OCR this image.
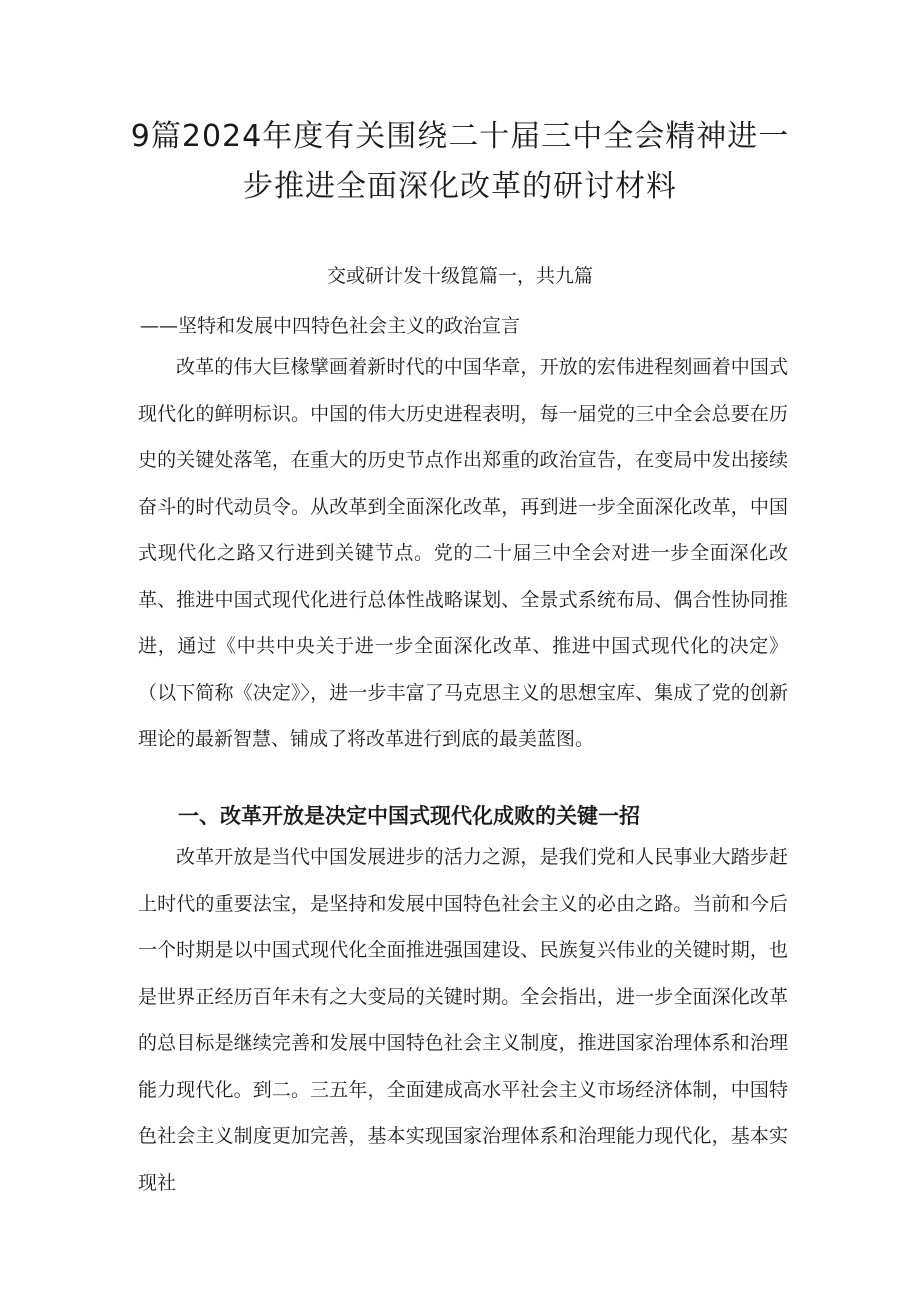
9篇2024年度有关围绕二十届三中全会精神进一步推进全面深化改革的研讨材料

交或研计发十级箟篇一，共九篇

——坚特和发展中四特色社会主义的政治宣言

改革的伟大巨椽擘画着新时代的中国华章，开放的宏伟进程刻画着中国式现代化的鲜明标识。中国的伟大历史进程表明，每一届党的三中全会总要在历史的关键处落笔，在重大的历史节点作出郑重的政治宣告，在变局中发出接续奋斗的时代动员令。从改革到全面深化改革，再到进一步全面深化改革，中国式现代化之路又行进到关键节点。党的二十届三中全会对进一步全面深化改革、推进中国式现代化进行总体性战略谋划、全景式系统布局、偶合性协同推进，通过《中共中央关于进一步全面深化改革、推进中国式现代化的决定》（以下简称《决定》〉，进一步丰富了马克思主义的思想宝库、集成了党的创新理论的最新智慧、铺成了将改革进行到底的最美蓝图。

一、改革开放是决定中国式现代化成败的关键一招

改革开放是当代中国发展进步的活力之源，是我们党和人民事业大踏步赶上时代的重要法宝，是坚持和发展中国特色社会主义的必由之路。当前和今后一个时期是以中国式现代化全面推进强国建设、民族复兴伟业的关键时期，也是世界正经历百年未有之大变局的关键时期。全会指出，进一步全面深化改革的总目标是继续完善和发展中国特色社会主义制度，推进国家治理体系和治理能力现代化。到二。三五年，全面建成高水平社会主义市场经济体制，中国特色社会主义制度更加完善，基本实现国家治理体系和治理能力现代化，基本实现社
